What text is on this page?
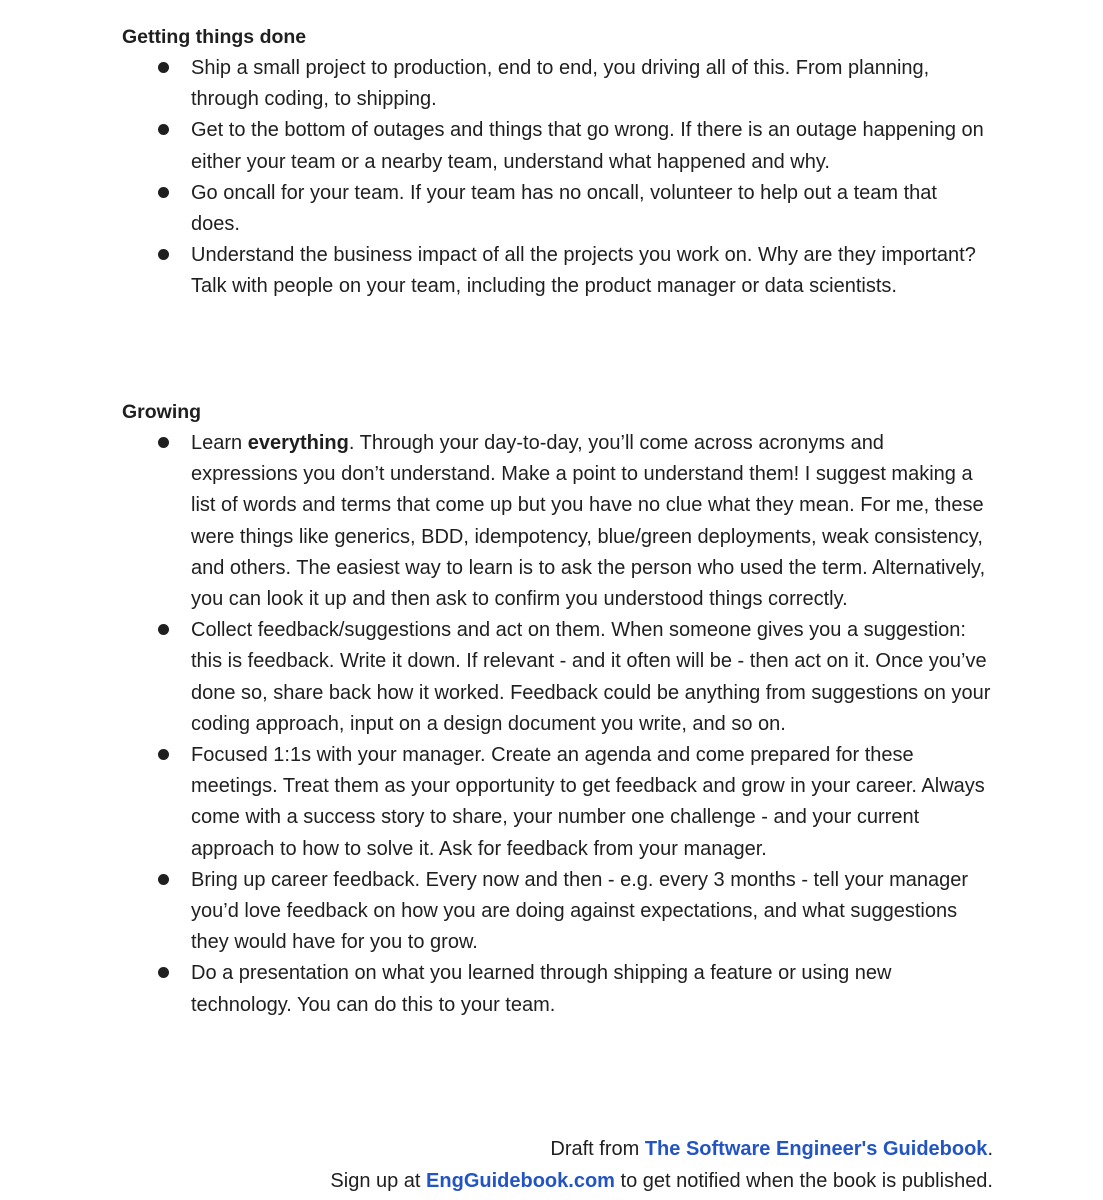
Getting things done
Ship a small project to production, end to end, you driving all of this. From planning, through coding, to shipping.
Get to the bottom of outages and things that go wrong. If there is an outage happening on either your team or a nearby team, understand what happened and why.
Go oncall for your team. If your team has no oncall, volunteer to help out a team that does.
Understand the business impact of all the projects you work on. Why are they important? Talk with people on your team, including the product manager or data scientists.
Growing
Learn everything. Through your day-to-day, you’ll come across acronyms and expressions you don’t understand. Make a point to understand them! I suggest making a list of words and terms that come up but you have no clue what they mean. For me, these were things like generics, BDD, idempotency, blue/green deployments, weak consistency, and others. The easiest way to learn is to ask the person who used the term. Alternatively, you can look it up and then ask to confirm you understood things correctly.
Collect feedback/suggestions and act on them. When someone gives you a suggestion: this is feedback. Write it down. If relevant - and it often will be - then act on it. Once you’ve done so, share back how it worked. Feedback could be anything from suggestions on your coding approach, input on a design document you write, and so on.
Focused 1:1s with your manager. Create an agenda and come prepared for these meetings. Treat them as your opportunity to get feedback and grow in your career. Always come with a success story to share, your number one challenge - and your current approach to how to solve it. Ask for feedback from your manager.
Bring up career feedback. Every now and then - e.g. every 3 months - tell your manager you’d love feedback on how you are doing against expectations, and what suggestions they would have for you to grow.
Do a presentation on what you learned through shipping a feature or using new technology. You can do this to your team.
Draft from The Software Engineer's Guidebook.
Sign up at EngGuidebook.com to get notified when the book is published.
